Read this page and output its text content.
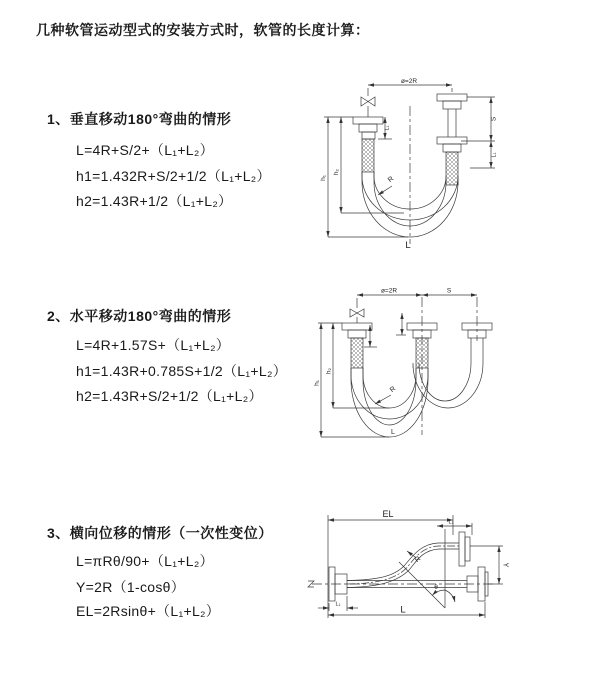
几种软管运动型式的安装方式时，软管的长度计算：
1、垂直移动180°弯曲的情形
L=4R+S/2+（L₁+L₂）
h1=1.432R+S/2+1/2（L₁+L₂）
h2=1.43R+1/2（L₁+L₂）
ø=2R
h₁
h₂
L₁
S
L₁
R
L
2、水平移动180°弯曲的情形
L=4R+1.57S+（L₁+L₂）
h1=1.43R+0.785S+1/2（L₁+L₂）
h2=1.43R+S/2+1/2（L₁+L₂）
ø=2R	S
h₁
h₂
R
L
3、横向位移的情形（一次性变位）
L=πRθ/90+（L₁+L₂）
Y=2R（1-cosθ）
EL=2Rsinθ+（L₁+L₂）
EL
L₁
R
Y
θ
L
L₁
